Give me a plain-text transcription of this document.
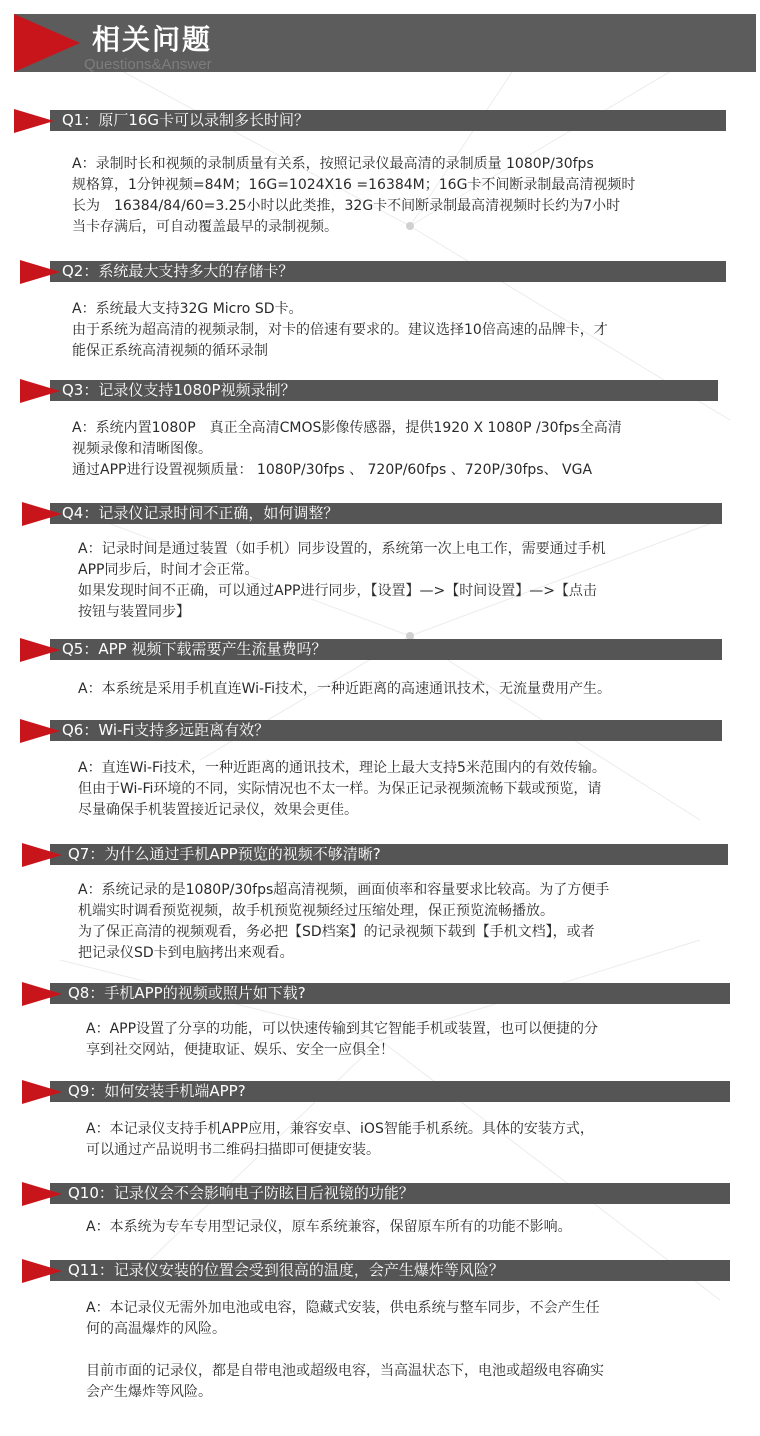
相关问题
Questions&Answer
Q1：原厂16G卡可以录制多长时间？
A：录制时长和视频的录制质量有关系，按照记录仪最高清的录制质量 1080P/30fps
规格算，1分钟视频=84M；16G=1024X16 =16384M；16G卡不间断录制最高清视频时
长为　16384/84/60=3.25小时以此类推，32G卡不间断录制最高清视频时长约为7小时
当卡存满后，可自动覆盖最早的录制视频。
Q2：系统最大支持多大的存储卡？
A：系统最大支持32G Micro SD卡。
由于系统为超高清的视频录制，对卡的倍速有要求的。建议选择10倍高速的品牌卡，才
能保正系统高清视频的循环录制
Q3：记录仪支持1080P视频录制？
A：系统内置1080P　真正全高清CMOS影像传感器，提供1920 X 1080P /30fps全高清
视频录像和清晰图像。
通过APP进行设置视频质量： 1080P/30fps 、 720P/60fps 、720P/30fps、 VGA
Q4：记录仪记录时间不正确，如何调整？
A：记录时间是通过装置（如手机）同步设置的，系统第一次上电工作，需要通过手机
APP同步后，时间才会正常。
如果发现时间不正确，可以通过APP进行同步，【设置】—>【时间设置】—>【点击
按钮与装置同步】
Q5：APP 视频下载需要产生流量费吗？
A：本系统是采用手机直连Wi-Fi技术，一种近距离的高速通讯技术，无流量费用产生。
Q6：Wi-Fi支持多远距离有效？
A：直连Wi-Fi技术，一种近距离的通讯技术，理论上最大支持5米范围内的有效传输。
但由于Wi-Fi环境的不同，实际情况也不太一样。为保正记录视频流畅下载或预览，请
尽量确保手机装置接近记录仪，效果会更佳。
Q7：为什么通过手机APP预览的视频不够清晰?
A：系统记录的是1080P/30fps超高清视频，画面侦率和容量要求比较高。为了方便手
机端实时调看预览视频，故手机预览视频经过压缩处理，保正预览流畅播放。
为了保正高清的视频观看，务必把【SD档案】的记录视频下载到【手机文档】，或者
把记录仪SD卡到电脑拷出来观看。
Q8：手机APP的视频或照片如下载?
A：APP设置了分享的功能，可以快速传输到其它智能手机或装置，也可以便捷的分
享到社交网站，便捷取证、娱乐、安全一应俱全！
Q9：如何安装手机端APP?
A：本记录仪支持手机APP应用，兼容安卓、iOS智能手机系统。具体的安装方式，
可以通过产品说明书二维码扫描即可便捷安装。
Q10：记录仪会不会影响电子防眩目后视镜的功能？
A：本系统为专车专用型记录仪，原车系统兼容，保留原车所有的功能不影响。
Q11：记录仪安装的位置会受到很高的温度，会产生爆炸等风险？
A：本记录仪无需外加电池或电容，隐藏式安装，供电系统与整车同步，不会产生任
何的高温爆炸的风险。

目前市面的记录仪，都是自带电池或超级电容，当高温状态下，电池或超级电容确实
会产生爆炸等风险。
